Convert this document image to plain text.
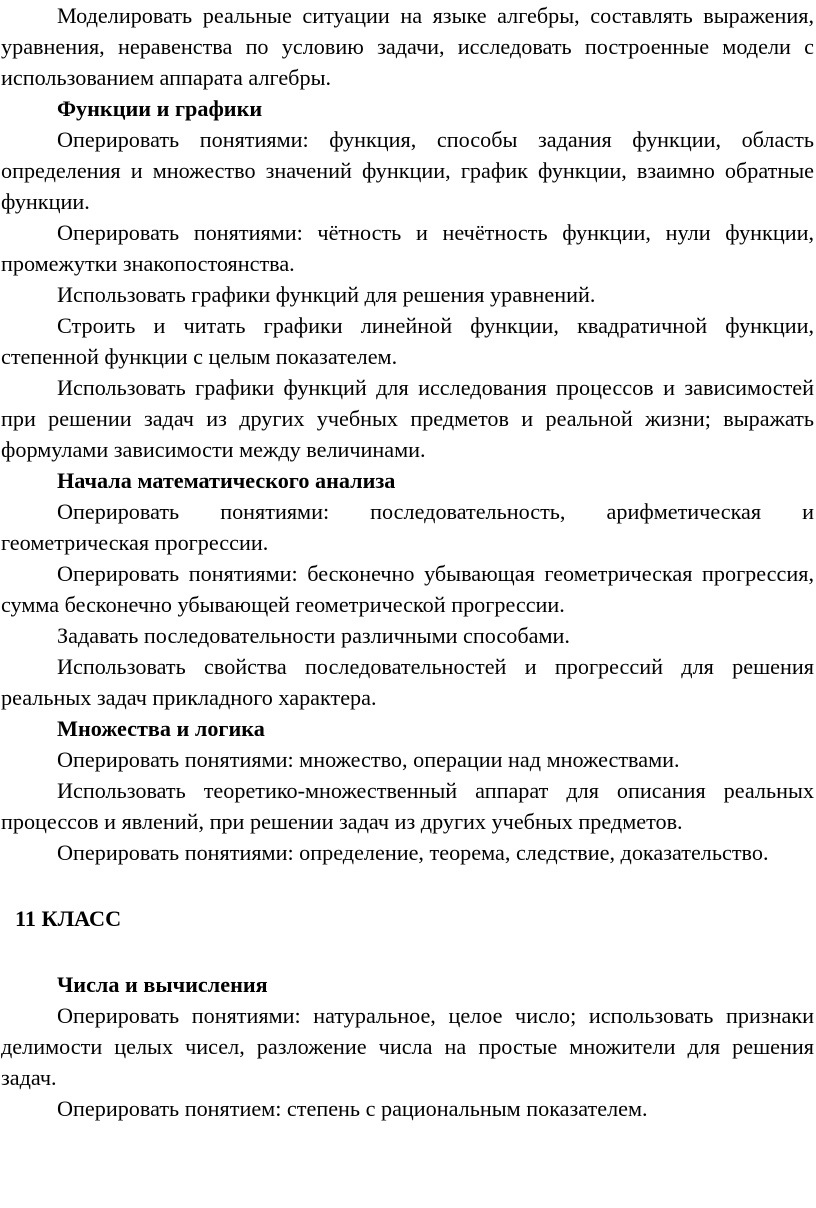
Моделировать реальные ситуации на языке алгебры, составлять выражения, уравнения, неравенства по условию задачи, исследовать построенные модели с использованием аппарата алгебры.

Функции и графики

Оперировать понятиями: функция, способы задания функции, область определения и множество значений функции, график функции, взаимно обратные функции.

Оперировать понятиями: чётность и нечётность функции, нули функции, промежутки знакопостоянства.

Использовать графики функций для решения уравнений.

Строить и читать графики линейной функции, квадратичной функции, степенной функции с целым показателем.

Использовать графики функций для исследования процессов и зависимостей при решении задач из других учебных предметов и реальной жизни; выражать формулами зависимости между величинами.

Начала математического анализа

Оперировать понятиями: последовательность, арифметическая и геометрическая прогрессии.

Оперировать понятиями: бесконечно убывающая геометрическая прогрессия, сумма бесконечно убывающей геометрической прогрессии.

Задавать последовательности различными способами.

Использовать свойства последовательностей и прогрессий для решения реальных задач прикладного характера.

Множества и логика

Оперировать понятиями: множество, операции над множествами.

Использовать теоретико-множественный аппарат для описания реальных процессов и явлений, при решении задач из других учебных предметов.

Оперировать понятиями: определение, теорема, следствие, доказательство.

11 КЛАСС

Числа и вычисления

Оперировать понятиями: натуральное, целое число; использовать признаки делимости целых чисел, разложение числа на простые множители для решения задач.

Оперировать понятием: степень с рациональным показателем.
